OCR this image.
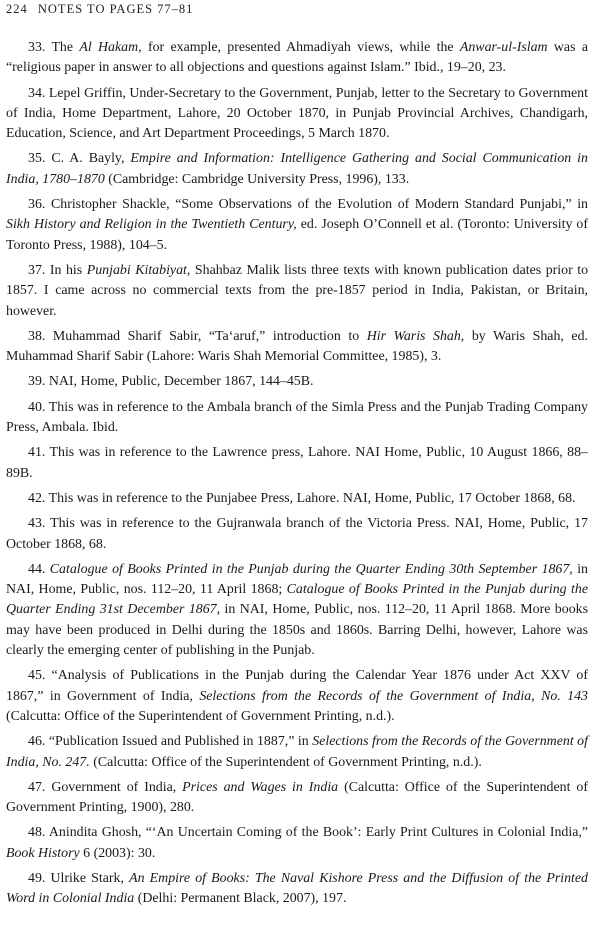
224 NOTES TO PAGES 77–81

33. The Al Hakam, for example, presented Ahmadiyah views, while the Anwar-ul-Islam was a “religious paper in answer to all objections and questions against Islam.” Ibid., 19–20, 23.

34. Lepel Griffin, Under-Secretary to the Government, Punjab, letter to the Secretary to Government of India, Home Department, Lahore, 20 October 1870, in Punjab Provincial Archives, Chandigarh, Education, Science, and Art Department Proceedings, 5 March 1870.

35. C. A. Bayly, Empire and Information: Intelligence Gathering and Social Communication in India, 1780–1870 (Cambridge: Cambridge University Press, 1996), 133.

36. Christopher Shackle, “Some Observations of the Evolution of Modern Standard Punjabi,” in Sikh History and Religion in the Twentieth Century, ed. Joseph O’Connell et al. (Toronto: University of Toronto Press, 1988), 104–5.

37. In his Punjabi Kitabiyat, Shahbaz Malik lists three texts with known publication dates prior to 1857. I came across no commercial texts from the pre-1857 period in India, Pakistan, or Britain, however.

38. Muhammad Sharif Sabir, “Ta‘aruf,” introduction to Hir Waris Shah, by Waris Shah, ed. Muhammad Sharif Sabir (Lahore: Waris Shah Memorial Committee, 1985), 3.

39. NAI, Home, Public, December 1867, 144–45B.

40. This was in reference to the Ambala branch of the Simla Press and the Punjab Trading Company Press, Ambala. Ibid.

41. This was in reference to the Lawrence press, Lahore. NAI Home, Public, 10 August 1866, 88–89B.

42. This was in reference to the Punjabee Press, Lahore. NAI, Home, Public, 17 October 1868, 68.

43. This was in reference to the Gujranwala branch of the Victoria Press. NAI, Home, Public, 17 October 1868, 68.

44. Catalogue of Books Printed in the Punjab during the Quarter Ending 30th September 1867, in NAI, Home, Public, nos. 112–20, 11 April 1868; Catalogue of Books Printed in the Punjab during the Quarter Ending 31st December 1867, in NAI, Home, Public, nos. 112–20, 11 April 1868. More books may have been produced in Delhi during the 1850s and 1860s. Barring Delhi, however, Lahore was clearly the emerging center of publishing in the Punjab.

45. “Analysis of Publications in the Punjab during the Calendar Year 1876 under Act XXV of 1867,” in Government of India, Selections from the Records of the Government of India, No. 143 (Calcutta: Office of the Superintendent of Government Printing, n.d.).

46. “Publication Issued and Published in 1887,” in Selections from the Records of the Government of India, No. 247. (Calcutta: Office of the Superintendent of Government Printing, n.d.).

47. Government of India, Prices and Wages in India (Calcutta: Office of the Superintendent of Government Printing, 1900), 280.

48. Anindita Ghosh, “‘An Uncertain Coming of the Book’: Early Print Cultures in Colonial India,” Book History 6 (2003): 30.

49. Ulrike Stark, An Empire of Books: The Naval Kishore Press and the Diffusion of the Printed Word in Colonial India (Delhi: Permanent Black, 2007), 197.
